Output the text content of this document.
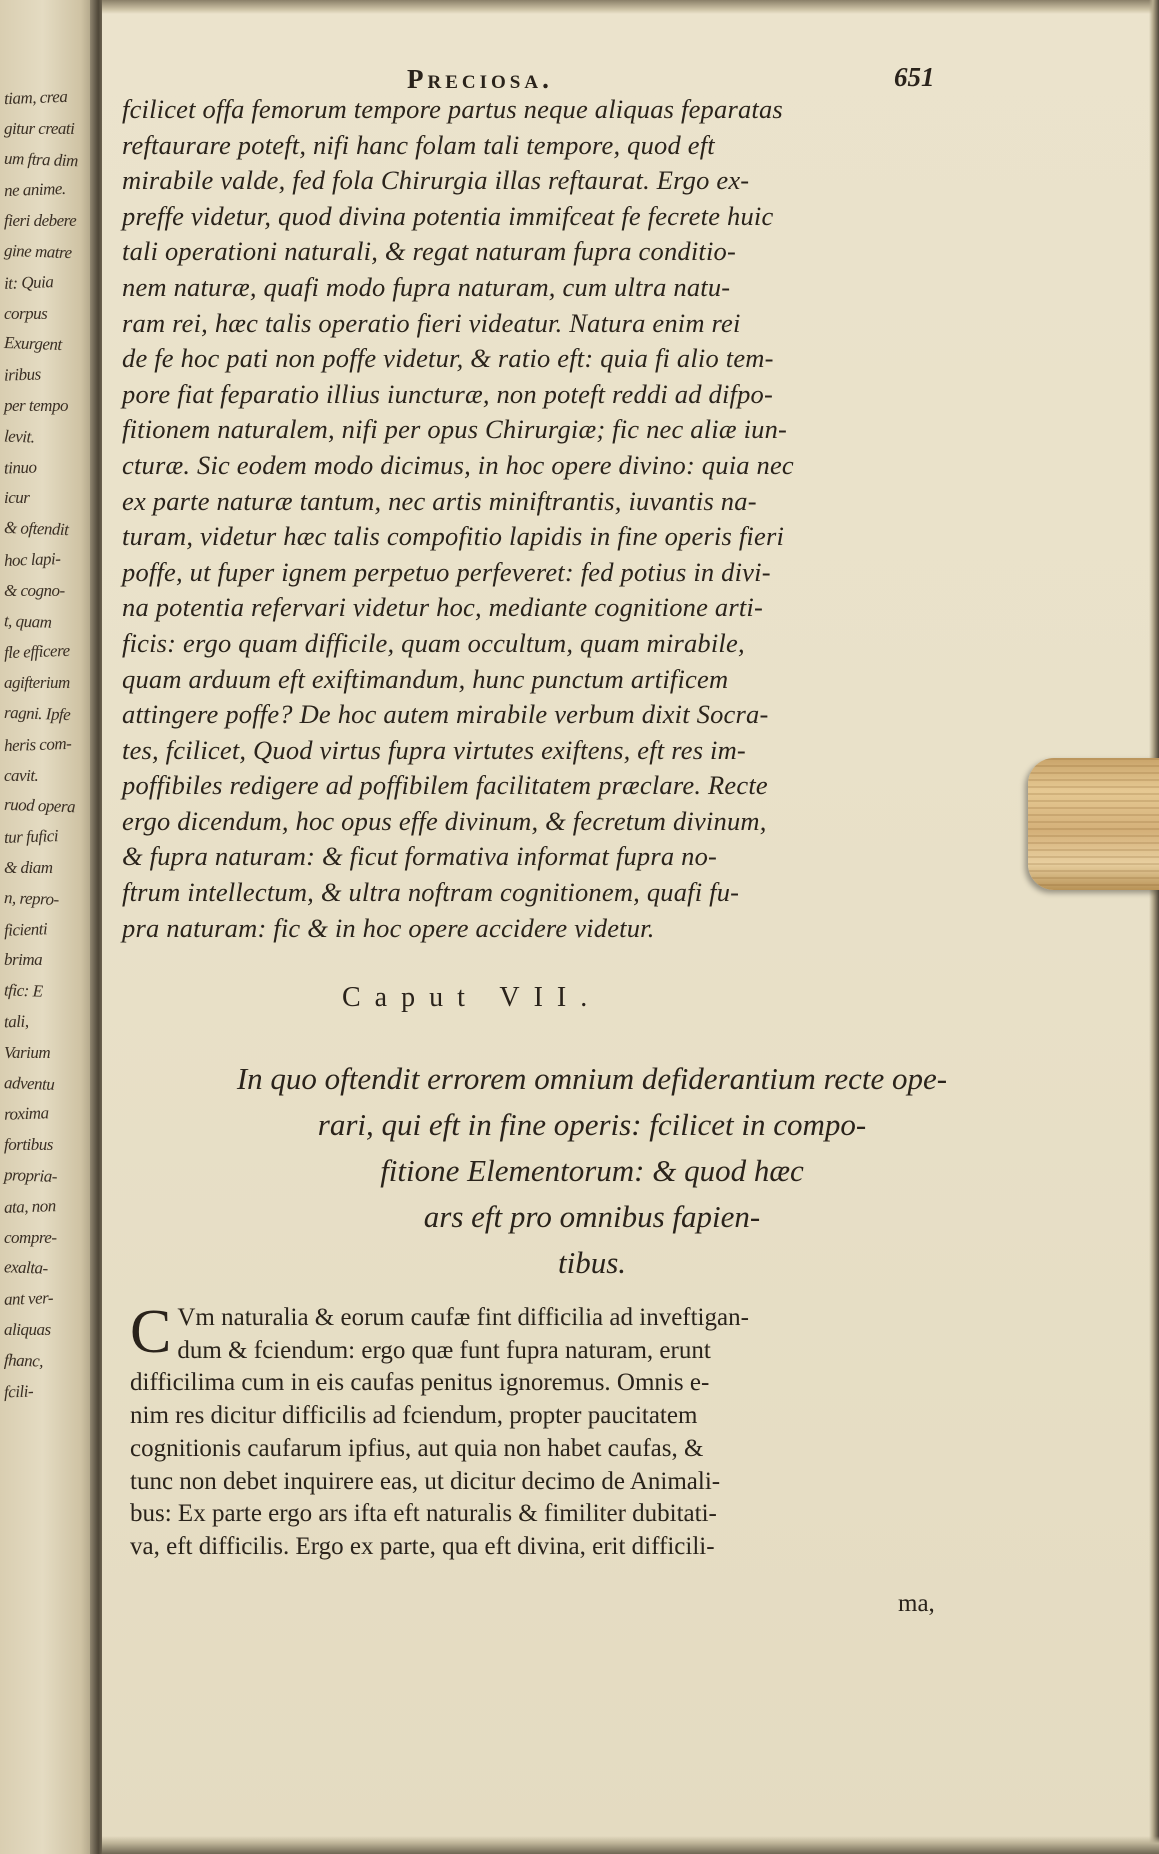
tiam, crea
gitur creati
um ftra dim
ne anime.
fieri debere
gine matre
it: Quia
corpus
Exurgent
iribus
per tempo
levit.
tinuo
icur
& oftendit
hoc lapi-
& cogno-
t, quam
fle efficere
agifterium
ragni. Ipfe
heris com-
cavit.
ruod opera
tur fufici
& diam
n, repro-
ficienti
brima
tfic: E
tali,
Varium
adventu
roxima
fortibus
propria-
ata, non
compre-
exalta-
ant ver-
aliquas
fhanc,
fcili-
Preciosa.	651
fcilicet offa femorum tempore partus neque aliquas feparatas
reftaurare poteft, nifi hanc folam tali tempore, quod eft
mirabile valde, fed fola Chirurgia illas reftaurat. Ergo ex-
preffe videtur, quod divina potentia immifceat fe fecrete huic
tali operationi naturali, & regat naturam fupra conditio-
nem naturæ, quafi modo fupra naturam, cum ultra natu-
ram rei, hæc talis operatio fieri videatur. Natura enim rei
de fe hoc pati non poffe videtur, & ratio eft: quia fi alio tem-
pore fiat feparatio illius iuncturæ, non poteft reddi ad difpo-
fitionem naturalem, nifi per opus Chirurgiæ; fic nec aliæ iun-
cturæ. Sic eodem modo dicimus, in hoc opere divino: quia nec
ex parte naturæ tantum, nec artis miniftrantis, iuvantis na-
turam, videtur hæc talis compofitio lapidis in fine operis fieri
poffe, ut fuper ignem perpetuo perfeveret: fed potius in divi-
na potentia refervari videtur hoc, mediante cognitione arti-
ficis: ergo quam difficile, quam occultum, quam mirabile,
quam arduum eft exiftimandum, hunc punctum artificem
attingere poffe? De hoc autem mirabile verbum dixit Socra-
tes, fcilicet, Quod virtus fupra virtutes exiftens, eft res im-
poffibiles redigere ad poffibilem facilitatem præclare. Recte
ergo dicendum, hoc opus effe divinum, & fecretum divinum,
& fupra naturam: & ficut formativa informat fupra no-
ftrum intellectum, & ultra noftram cognitionem, quafi fu-
pra naturam: fic & in hoc opere accidere videtur.
Caput VII.
In quo oftendit errorem omnium defiderantium recte ope-
rari, qui eft in fine operis: fcilicet in compo-
fitione Elementorum: & quod hæc
ars eft pro omnibus fapien-
tibus.
C Vm naturalia & eorum caufæ fint difficilia ad inveftigan-
dum & fciendum: ergo quæ funt fupra naturam, erunt
difficilima cum in eis caufas penitus ignoremus. Omnis e-
nim res dicitur difficilis ad fciendum, propter paucitatem
cognitionis caufarum ipfius, aut quia non habet caufas, &
tunc non debet inquirere eas, ut dicitur decimo de Animali-
bus: Ex parte ergo ars ifta eft naturalis & fimiliter dubitati-
va, eft difficilis. Ergo ex parte, qua eft divina, erit difficili-
ma,
